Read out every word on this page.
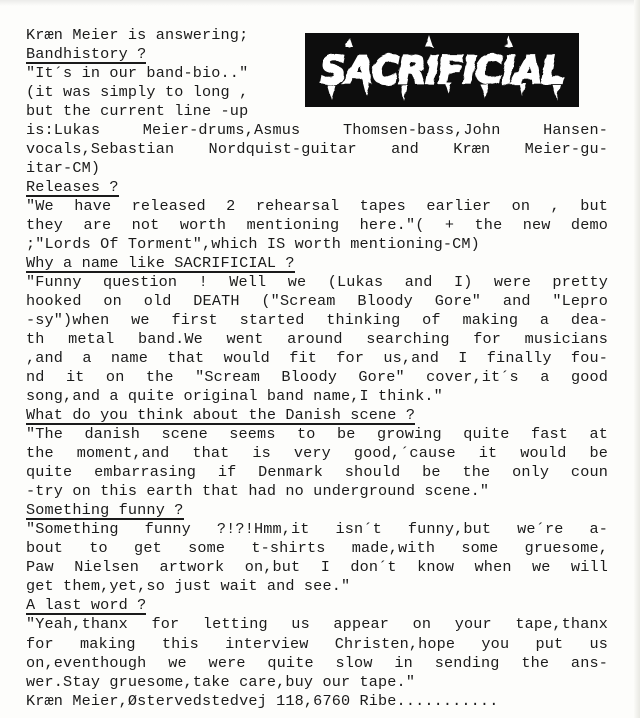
SACRIFICIAL
Kræn Meier is answering;
Bandhistory ?
"It´s in our band-bio.."
(it was simply to long ,
but the current line -up
is:Lukas Meier-drums,Asmus Thomsen-bass,John Hansen-
vocals,Sebastian Nordquist-guitar and Kræn Meier-gu-
itar-CM)
Releases ?
"We have released 2 rehearsal tapes earlier on , but
they are not worth mentioning here."( + the new demo
;"Lords Of Torment",which IS worth mentioning-CM)
Why a name like SACRIFICIAL ?
"Funny question ! Well we (Lukas and I) were pretty
hooked on old DEATH ("Scream Bloody Gore" and "Lepro
-sy")when we first started thinking of making a dea-
th metal band.We went around searching for musicians
,and a name that would fit for us,and I finally fou-
nd it on the "Scream Bloody Gore" cover,it´s a good
song,and a quite original band name,I think."
What do you think about the Danish scene ?
"The danish scene seems to be growing quite fast at
the moment,and that is very good,´cause it would be
quite embarrasing if Denmark should be the only coun
-try on this earth that had no underground scene."
Something funny ?
"Something funny ?!?!Hmm,it isn´t funny,but we´re a-
bout to get some t-shirts made,with some gruesome,
Paw Nielsen artwork on,but I don´t know when we will
get them,yet,so just wait and see."
A last word ?
"Yeah,thanx for letting us appear on your tape,thanx
for making this interview Christen,hope you put us
on,eventhough we were quite slow in sending the ans-
wer.Stay gruesome,take care,buy our tape."
Kræn Meier,Østervedstedvej 118,6760 Ribe...........
